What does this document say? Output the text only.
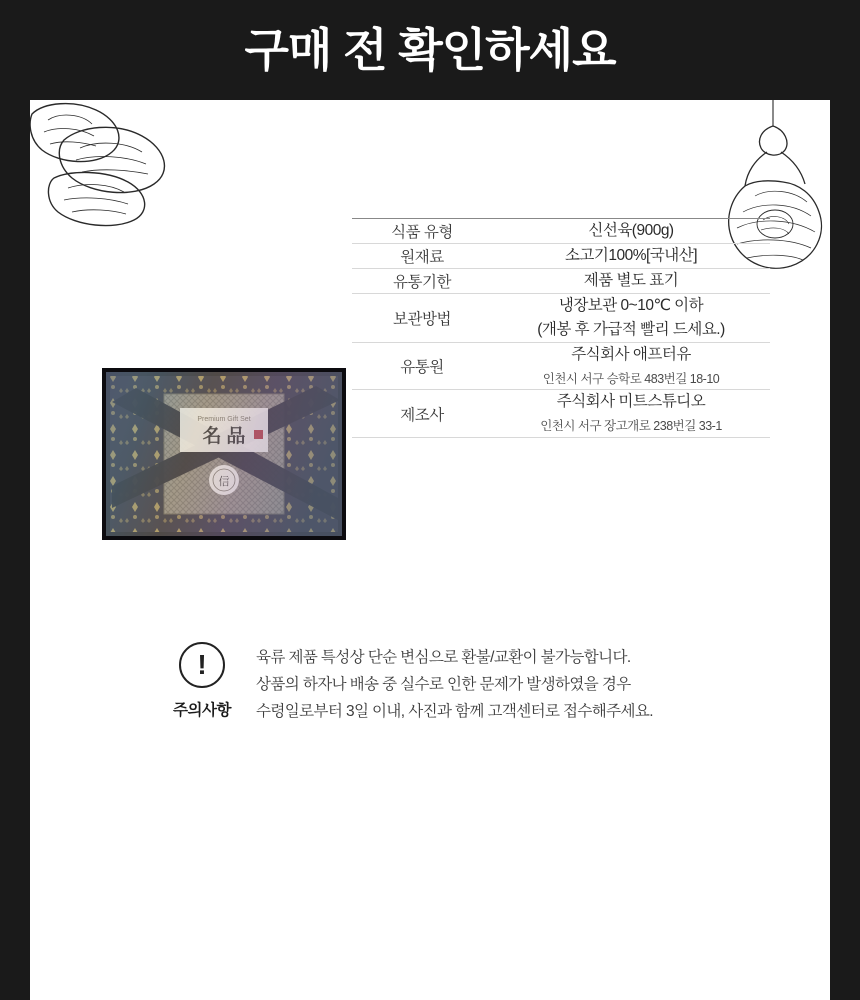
구매 전 확인하세요
식품 유형	신선육(900g)
원재료	소고기100%[국내산]
유통기한	제품 별도 표기
보관방법	냉장보관 0~10℃ 이하
(개봉 후 가급적 빨리 드세요.)

유통원	주식회사 애프터유
인천시 서구 승학로 483번길 18-10

제조사	주식회사 미트스튜디오
인천시 서구 장고개로 238번길 33-1
!
주의사항
육류 제품 특성상 단순 변심으로 환불/교환이 불가능합니다.
상품의 하자나 배송 중 실수로 인한 문제가 발생하였을 경우
수령일로부터 3일 이내, 사진과 함께 고객센터로 접수해주세요.
